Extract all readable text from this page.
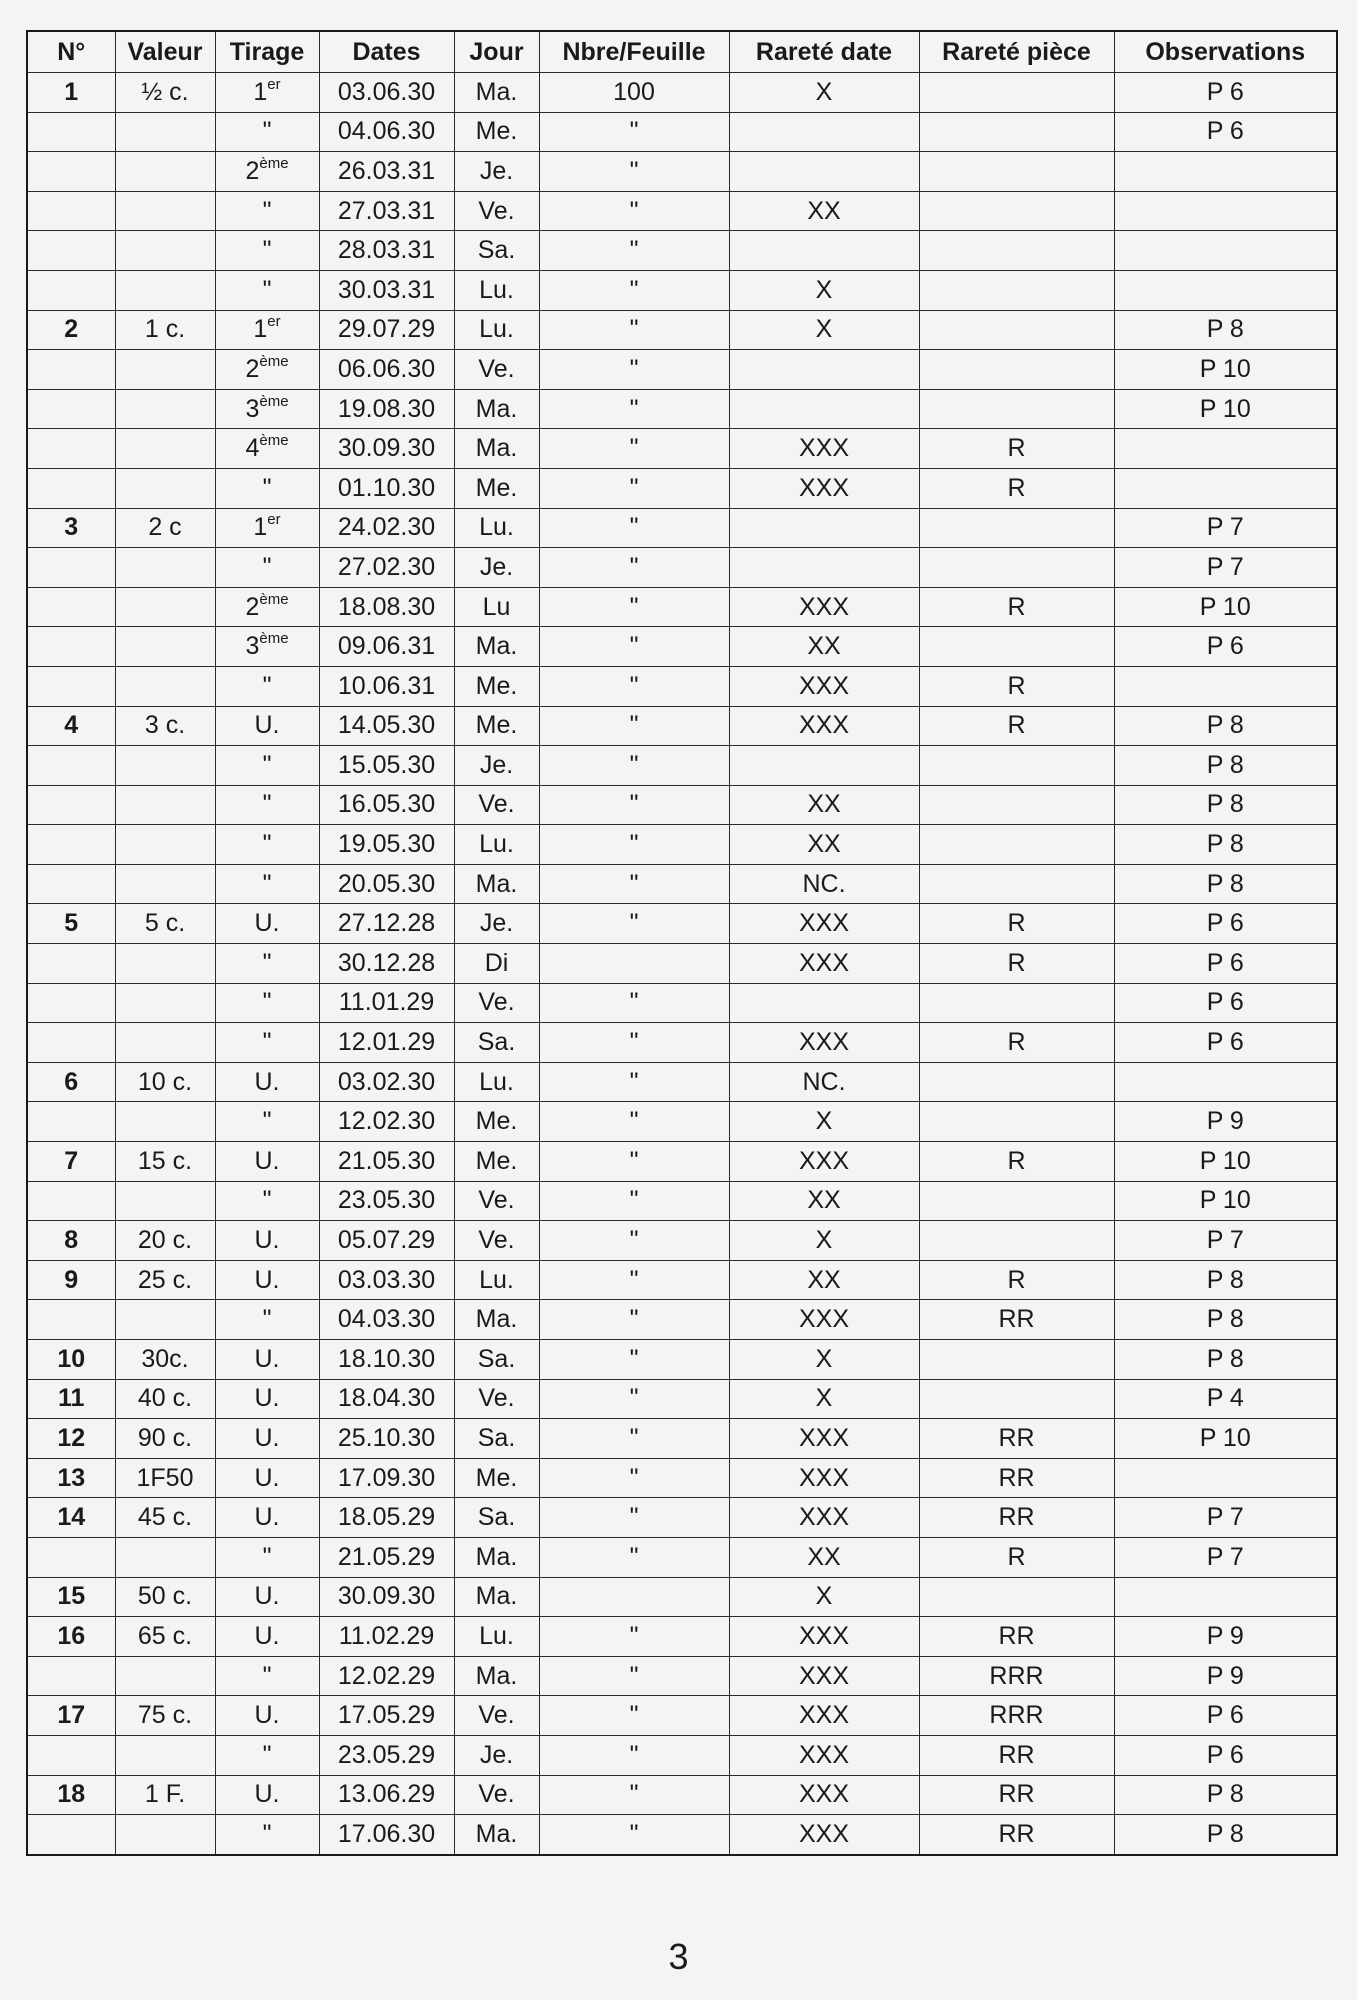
N°	Valeur	Tirage	Dates	Jour	Nbre/Feuille	Rareté date	Rareté pièce	Observations
1	½ c.	1er	03.06.30	Ma.	100	X		P 6
		"	04.06.30	Me.	"			P 6
		2ème	26.03.31	Je.	"			
		"	27.03.31	Ve.	"	XX		
		"	28.03.31	Sa.	"			
		"	30.03.31	Lu.	"	X		
2	1 c.	1er	29.07.29	Lu.	"	X		P 8
		2ème	06.06.30	Ve.	"			P 10
		3ème	19.08.30	Ma.	"			P 10
		4ème	30.09.30	Ma.	"	XXX	R	
		"	01.10.30	Me.	"	XXX	R	
3	2 c	1er	24.02.30	Lu.	"			P 7
		"	27.02.30	Je.	"			P 7
		2ème	18.08.30	Lu	"	XXX	R	P 10
		3ème	09.06.31	Ma.	"	XX		P 6
		"	10.06.31	Me.	"	XXX	R	
4	3 c.	U.	14.05.30	Me.	"	XXX	R	P 8
		"	15.05.30	Je.	"			P 8
		"	16.05.30	Ve.	"	XX		P 8
		"	19.05.30	Lu.	"	XX		P 8
		"	20.05.30	Ma.	"	NC.		P 8
5	5 c.	U.	27.12.28	Je.	"	XXX	R	P 6
		"	30.12.28	Di		XXX	R	P 6
		"	11.01.29	Ve.	"			P 6
		"	12.01.29	Sa.	"	XXX	R	P 6
6	10 c.	U.	03.02.30	Lu.	"	NC.		
		"	12.02.30	Me.	"	X		P 9
7	15 c.	U.	21.05.30	Me.	"	XXX	R	P 10
		"	23.05.30	Ve.	"	XX		P 10
8	20 c.	U.	05.07.29	Ve.	"	X		P 7
9	25 c.	U.	03.03.30	Lu.	"	XX	R	P 8
		"	04.03.30	Ma.	"	XXX	RR	P 8
10	30c.	U.	18.10.30	Sa.	"	X		P 8
11	40 c.	U.	18.04.30	Ve.	"	X		P 4
12	90 c.	U.	25.10.30	Sa.	"	XXX	RR	P 10
13	1F50	U.	17.09.30	Me.	"	XXX	RR	
14	45 c.	U.	18.05.29	Sa.	"	XXX	RR	P 7
		"	21.05.29	Ma.	"	XX	R	P 7
15	50 c.	U.	30.09.30	Ma.		X		
16	65 c.	U.	11.02.29	Lu.	"	XXX	RR	P 9
		"	12.02.29	Ma.	"	XXX	RRR	P 9
17	75 c.	U.	17.05.29	Ve.	"	XXX	RRR	P 6
		"	23.05.29	Je.	"	XXX	RR	P 6
18	1 F.	U.	13.06.29	Ve.	"	XXX	RR	P 8
		"	17.06.30	Ma.	"	XXX	RR	P 8
3
